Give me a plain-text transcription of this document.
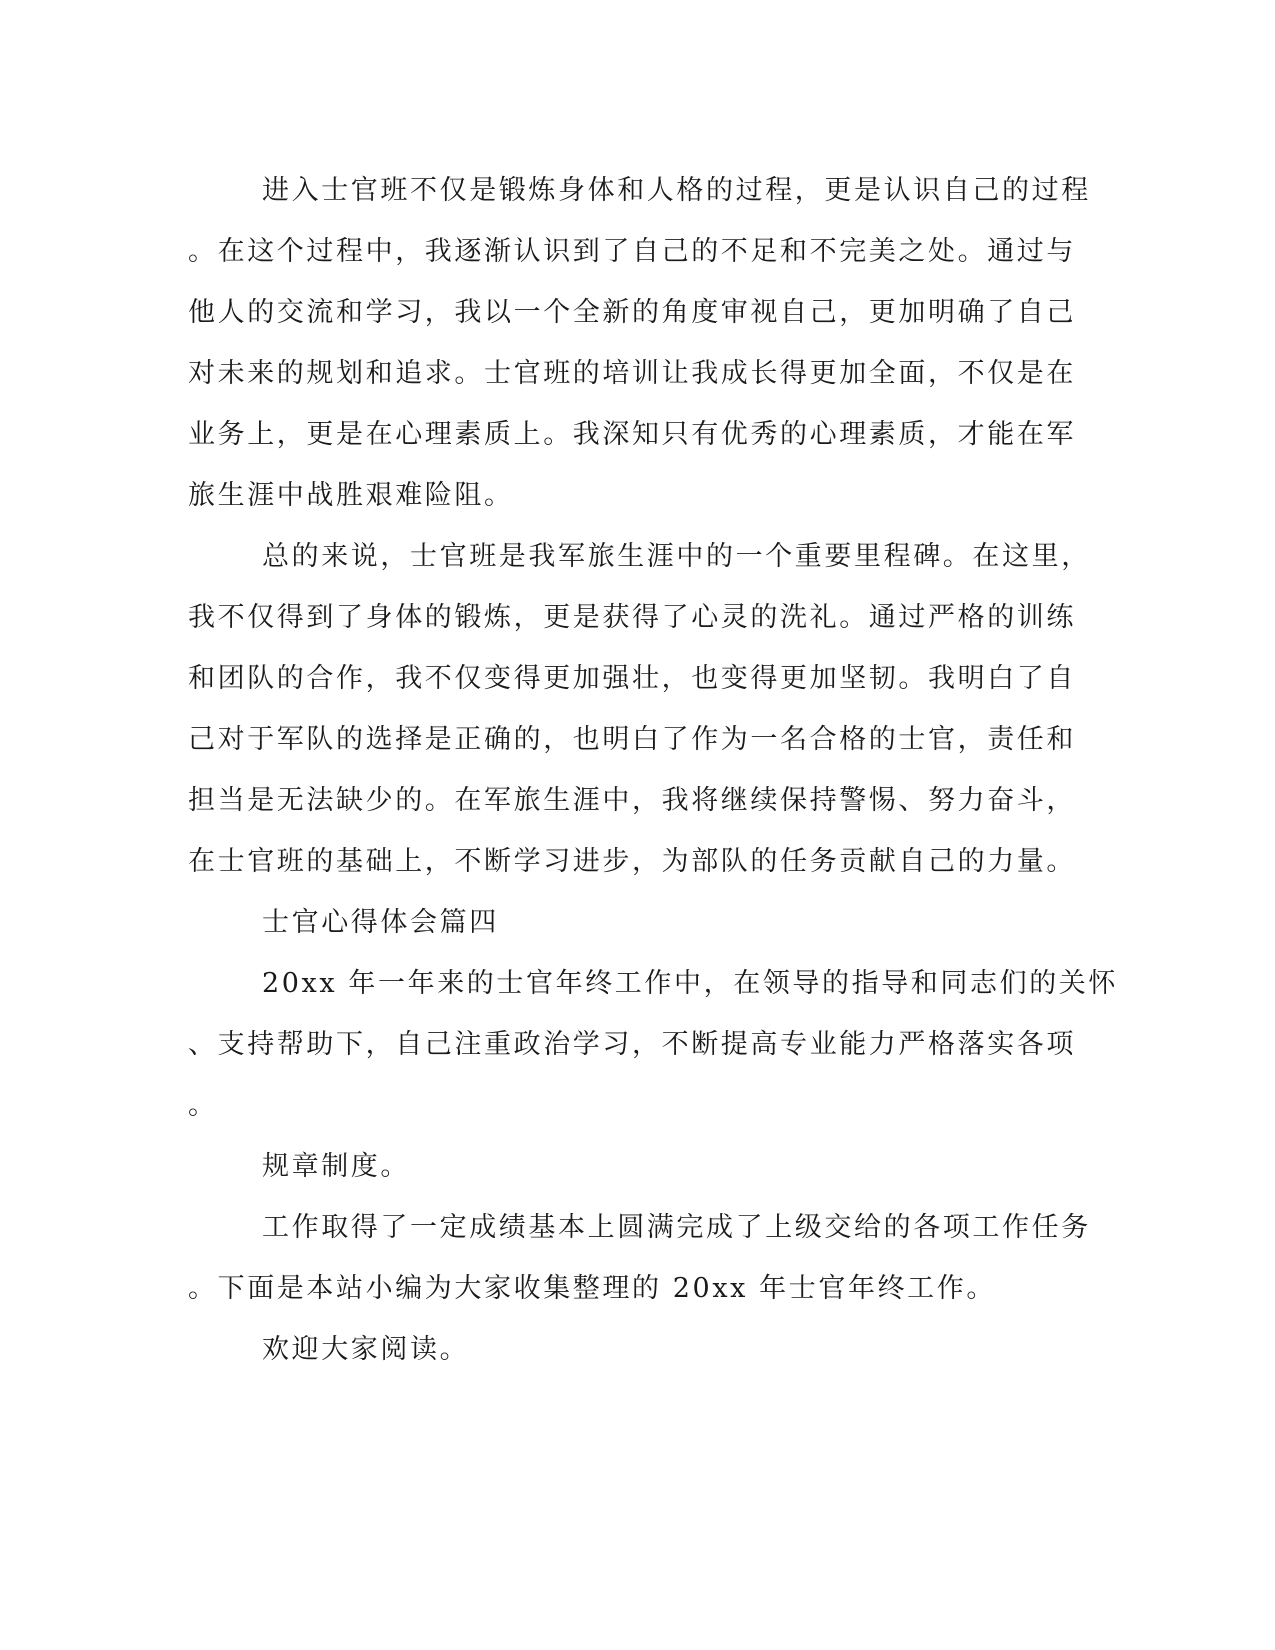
进入士官班不仅是锻炼身体和人格的过程，更是认识自己的过程
。在这个过程中，我逐渐认识到了自己的不足和不完美之处。通过与
他人的交流和学习，我以一个全新的角度审视自己，更加明确了自己
对未来的规划和追求。士官班的培训让我成长得更加全面，不仅是在
业务上，更是在心理素质上。我深知只有优秀的心理素质，才能在军
旅生涯中战胜艰难险阻。
总的来说，士官班是我军旅生涯中的一个重要里程碑。在这里，
我不仅得到了身体的锻炼，更是获得了心灵的洗礼。通过严格的训练
和团队的合作，我不仅变得更加强壮，也变得更加坚韧。我明白了自
己对于军队的选择是正确的，也明白了作为一名合格的士官，责任和
担当是无法缺少的。在军旅生涯中，我将继续保持警惕、努力奋斗，
在士官班的基础上，不断学习进步，为部队的任务贡献自己的力量。
士官心得体会篇四
20xx 年一年来的士官年终工作中，在领导的指导和同志们的关怀
、支持帮助下，自己注重政治学习，不断提高专业能力严格落实各项
。
规章制度。
工作取得了一定成绩基本上圆满完成了上级交给的各项工作任务
。下面是本站小编为大家收集整理的 20xx 年士官年终工作。
欢迎大家阅读。
